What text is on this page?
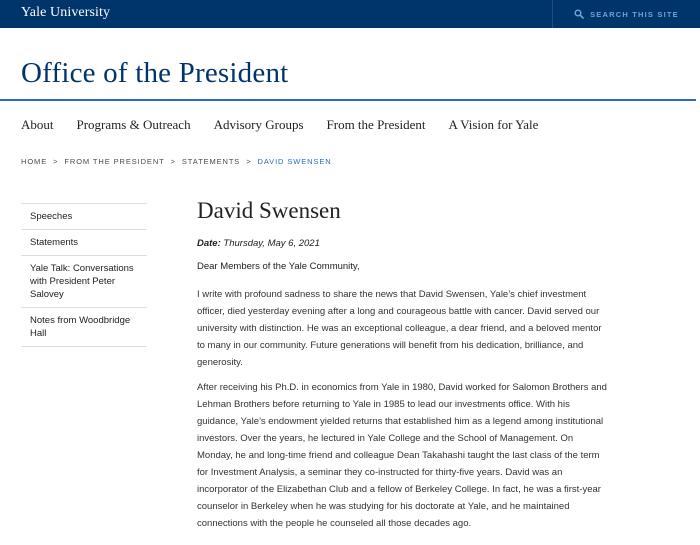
Yale University	SEARCH THIS SITE
Office of the President
About Programs & Outreach Advisory Groups From the President A Vision for Yale
HOME > FROM THE PRESIDENT > STATEMENTS > DAVID SWENSEN
Speeches
Statements
Yale Talk: Conversations with President Peter Salovey
Notes from Woodbridge Hall
David Swensen
Date: Thursday, May 6, 2021

Dear Members of the Yale Community,

I write with profound sadness to share the news that David Swensen, Yale’s chief investment officer, died yesterday evening after a long and courageous battle with cancer. David served our university with distinction. He was an exceptional colleague, a dear friend, and a beloved mentor to many in our community. Future generations will benefit from his dedication, brilliance, and generosity.

After receiving his Ph.D. in economics from Yale in 1980, David worked for Salomon Brothers and Lehman Brothers before returning to Yale in 1985 to lead our investments office. With his guidance, Yale’s endowment yielded returns that established him as a legend among institutional investors. Over the years, he lectured in Yale College and the School of Management. On Monday, he and long-time friend and colleague Dean Takahashi taught the last class of the term for Investment Analysis, a seminar they co-instructed for thirty-five years. David was an incorporator of the Elizabethan Club and a fellow of Berkeley College. In fact, he was a first-year counselor in Berkeley when he was studying for his doctorate at Yale, and he maintained connections with the people he counseled all those decades ago.
